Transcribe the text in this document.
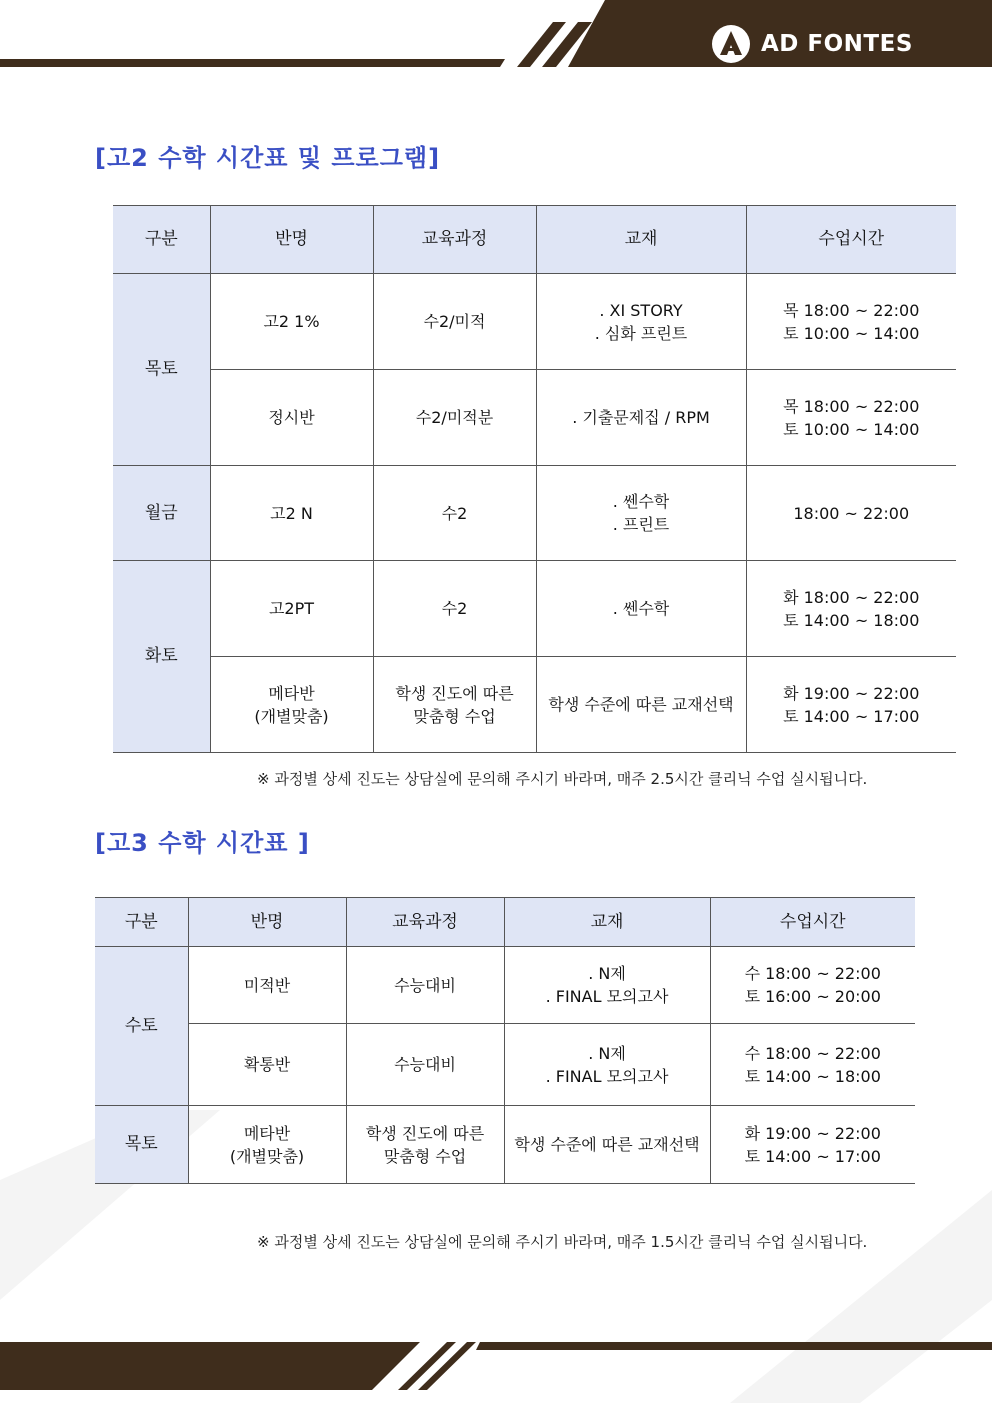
AD FONTES
[고2 수학 시간표 및 프로그램]
구분	반명	교육과정	교재	수업시간
목토	고2 1%	수2/미적	. XI STORY
. 심화 프린트	목 18:00 ~ 22:00
토 10:00 ~ 14:00

	정시반	수2/미적분	. 기출문제집 / RPM	목 18:00 ~ 22:00
토 10:00 ~ 14:00

월금	고2 N	수2	. 쎈수학
. 프린트	18:00 ~ 22:00

화토	고2PT	수2	. 쎈수학	화 18:00 ~ 22:00
토 14:00 ~ 18:00

	메타반
(개별맞춤)	학생 진도에 따른
맞춤형 수업	학생 수준에 따른 교재선택	화 19:00 ~ 22:00
토 14:00 ~ 17:00

※ 과정별 상세 진도는 상담실에 문의해 주시기 바라며, 매주 2.5시간 클리닉 수업 실시됩니다.

[고3 수학 시간표 ]
구분	반명	교육과정	교재	수업시간
수토	미적반	수능대비	. N제
. FINAL 모의고사	수 18:00 ~ 22:00
토 16:00 ~ 20:00

	확통반	수능대비	. N제
. FINAL 모의고사	수 18:00 ~ 22:00
토 14:00 ~ 18:00

목토	메타반
(개별맞춤)	학생 진도에 따른
맞춤형 수업	학생 수준에 따른 교재선택	화 19:00 ~ 22:00
토 14:00 ~ 17:00

※ 과정별 상세 진도는 상담실에 문의해 주시기 바라며, 매주 1.5시간 클리닉 수업 실시됩니다.
